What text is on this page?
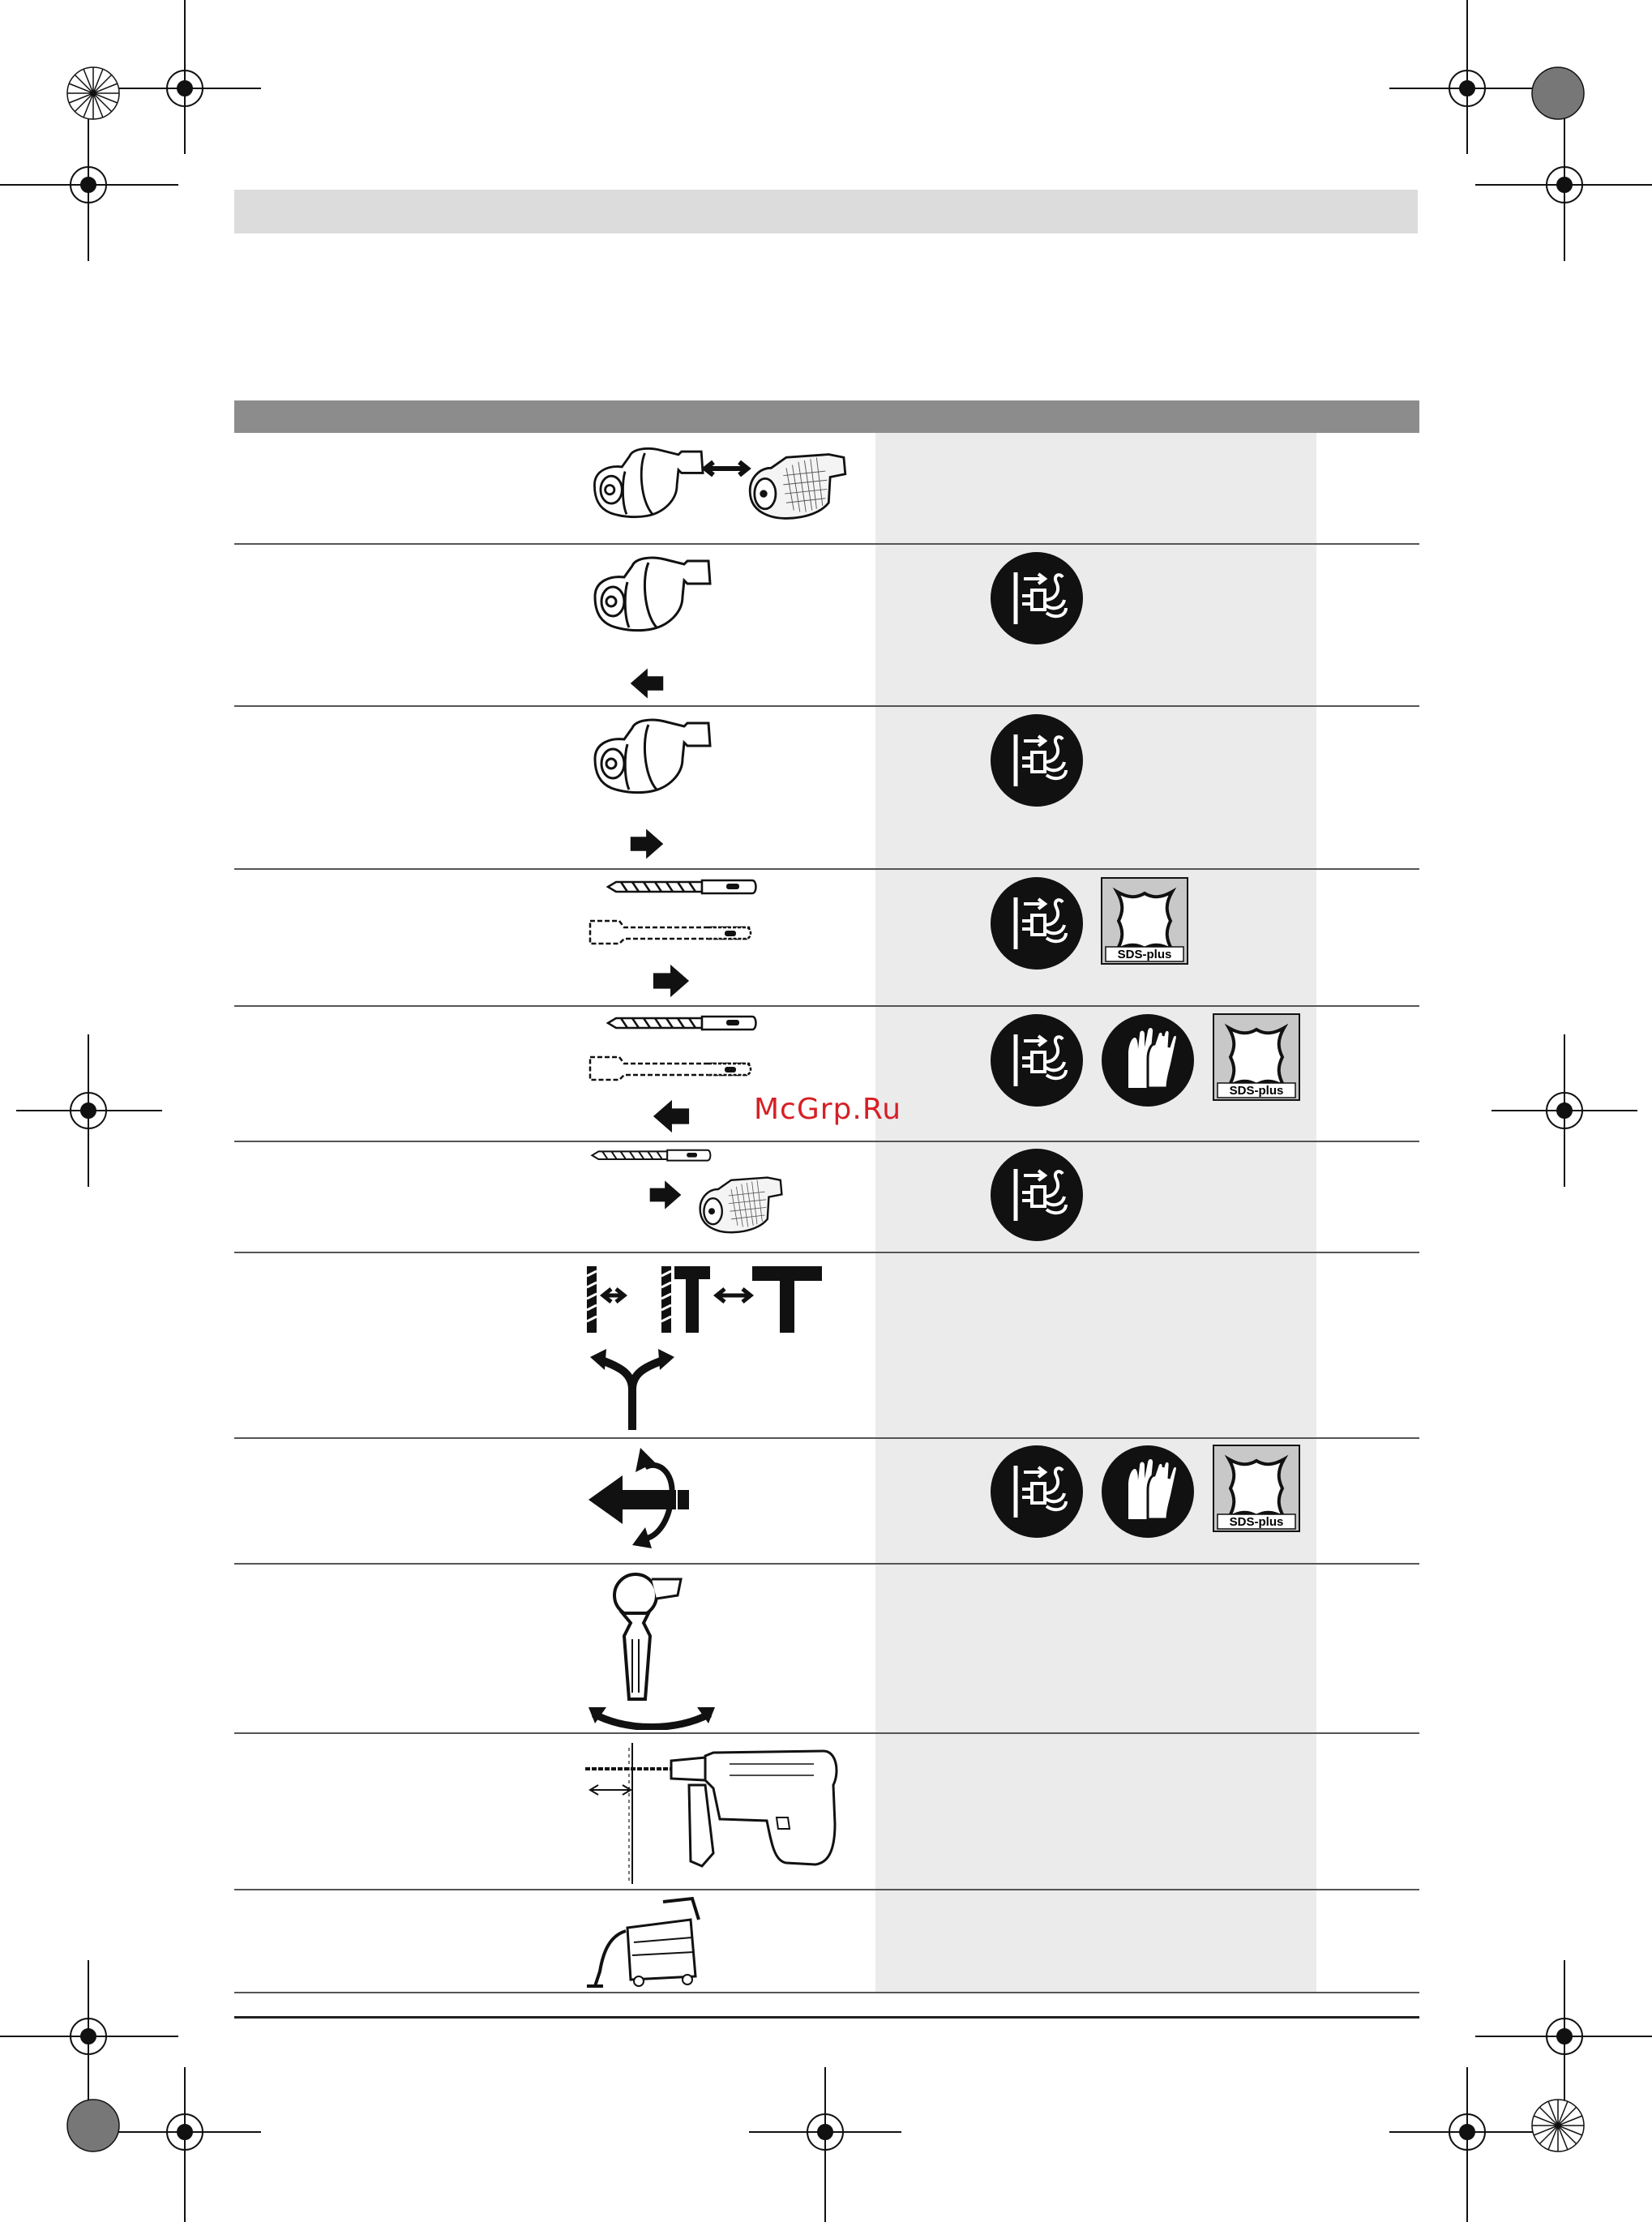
SDS-plus
SDS-plus
SDS-plus
McGrp.Ru
